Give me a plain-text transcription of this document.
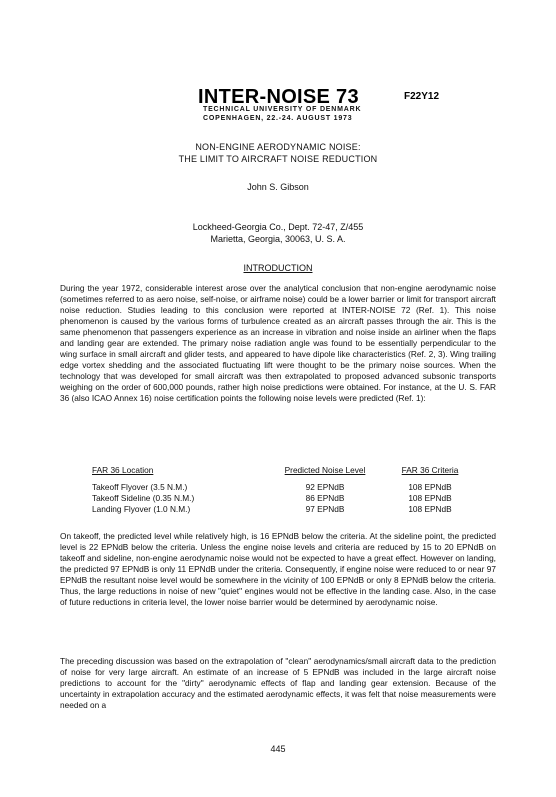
INTER-NOISE 73
TECHNICAL UNIVERSITY OF DENMARK
COPENHAGEN, 22.-24. AUGUST 1973
F22Y12
NON-ENGINE AERODYNAMIC NOISE:
THE LIMIT TO AIRCRAFT NOISE REDUCTION
John S. Gibson
Lockheed-Georgia Co., Dept. 72-47, Z/455
Marietta, Georgia, 30063, U. S. A.
INTRODUCTION
During the year 1972, considerable interest arose over the analytical conclusion that non-engine aerodynamic noise (sometimes referred to as aero noise, self-noise, or airframe noise) could be a lower barrier or limit for transport aircraft noise reduction. Studies leading to this conclusion were reported at INTER-NOISE 72 (Ref. 1). This noise phenomenon is caused by the various forms of turbulence created as an aircraft passes through the air. This is the same phenomenon that passengers experience as an increase in vibration and noise inside an airliner when the flaps and landing gear are extended. The primary noise radiation angle was found to be essentially perpendicular to the wing surface in small aircraft and glider tests, and appeared to have dipole like characteristics (Ref. 2, 3). Wing trailing edge vortex shedding and the associated fluctuating lift were thought to be the primary noise sources. When the technology that was developed for small aircraft was then extrapolated to proposed advanced subsonic transports weighing on the order of 600,000 pounds, rather high noise predictions were obtained. For instance, at the U. S. FAR 36 (also ICAO Annex 16) noise certification points the following noise levels were predicted (Ref. 1):
FAR 36 Location	Predicted Noise Level	FAR 36 Criteria
Takeoff Flyover (3.5 N.M.)	92 EPNdB	108 EPNdB
Takeoff Sideline (0.35 N.M.)	86 EPNdB	108 EPNdB
Landing Flyover (1.0 N.M.)	97 EPNdB	108 EPNdB
On takeoff, the predicted level while relatively high, is 16 EPNdB below the criteria. At the sideline point, the predicted level is 22 EPNdB below the criteria. Unless the engine noise levels and criteria are reduced by 15 to 20 EPNdB on takeoff and sideline, non-engine aerodynamic noise would not be expected to have a great effect. However on landing, the predicted 97 EPNdB is only 11 EPNdB under the criteria. Consequently, if engine noise were reduced to or near 97 EPNdB the resultant noise level would be somewhere in the vicinity of 100 EPNdB or only 8 EPNdB below the criteria. Thus, the large reductions in noise of new "quiet" engines would not be effective in the landing case. Also, in the case of future reductions in criteria level, the lower noise barrier would be determined by aerodynamic noise.
The preceding discussion was based on the extrapolation of "clean" aerodynamics/small aircraft data to the prediction of noise for very large aircraft. An estimate of an increase of 5 EPNdB was included in the large aircraft noise predictions to account for the "dirty" aerodynamic effects of flap and landing gear extension. Because of the uncertainty in extrapolation accuracy and the estimated aerodynamic effects, it was felt that noise measurements were needed on a
445
